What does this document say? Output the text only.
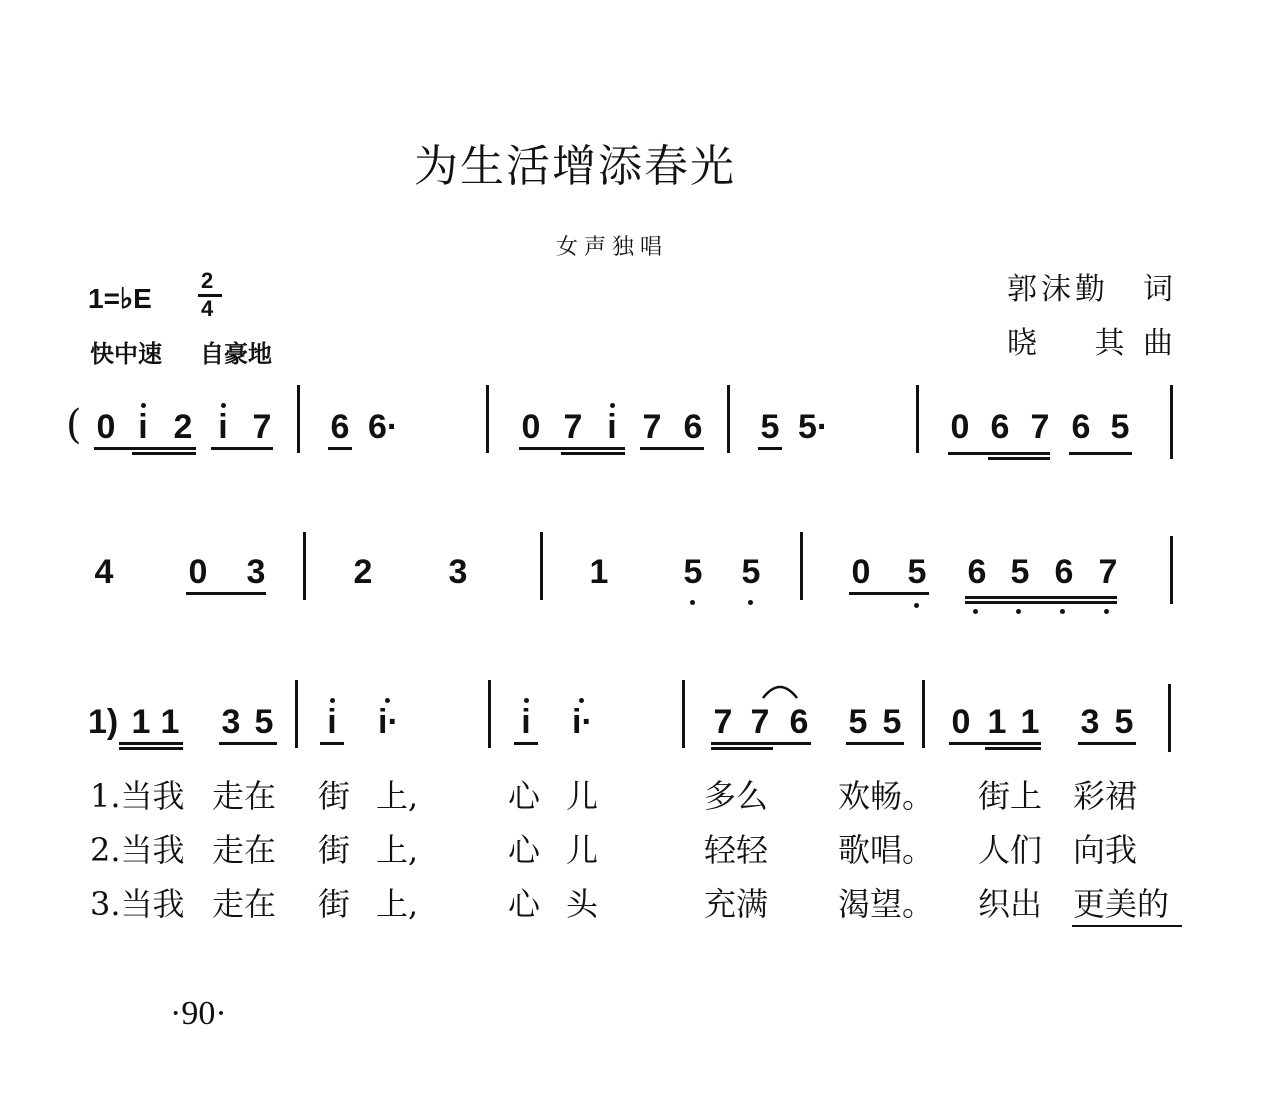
为生活增添春光
女声独唱
1=♭E
2
4
快中速 自豪地
郭沫勤 词
晓 其
曲
( 0 i 2 i 7 6 6·	0 7 i 7 6 5 5·	0 6 7 6 5
4 0 3	2 3	1 5 5	0 5 6 5 6 7
1) 1 1 3 5 i i·	i i·	7 7 6 5 5 0 1 1 3 5
1.当我 走在 街 上,	心 儿	多么 欢畅。 街上 彩裙
2.当我 走在 街 上,	心 儿	轻轻 歌唱。 人们 向我
3.当我 走在 街 上,	心 头	充满 渴望。 织出 更美的
·90·
